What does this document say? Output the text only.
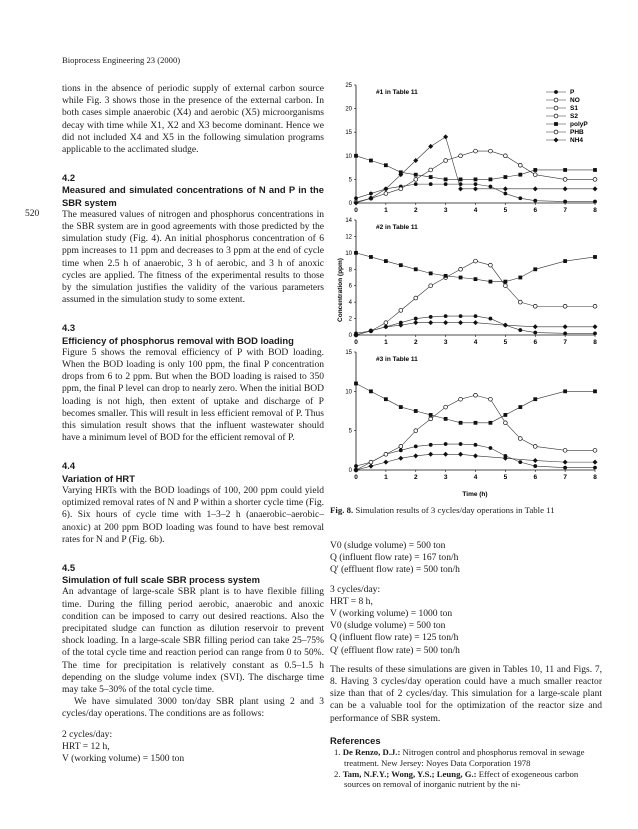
Bioprocess Engineering 23 (2000)
520

tions in the absence of periodic supply of external carbon source while Fig. 3 shows those in the presence of the external carbon. In both cases simple anaerobic (X4) and aerobic (X5) microorganisms decay with time while X1, X2 and X3 become dominant. Hence we did not included X4 and X5 in the following simulation programs applicable to the acclimated sludge.

4.2

Measured and simulated concentrations of N and P in the SBR system

The measured values of nitrogen and phosphorus concentrations in the SBR system are in good agreements with those predicted by the simulation study (Fig. 4). An initial phosphorus concentration of 6 ppm increases to 11 ppm and decreases to 3 ppm at the end of cycle time when 2.5 h of anaerobic, 3 h of aerobic, and 3 h of anoxic cycles are applied. The fitness of the experimental results to those by the simulation justifies the validity of the various parameters assumed in the simulation study to some extent.

4.3

Efficiency of phosphorus removal with BOD loading

Figure 5 shows the removal efficiency of P with BOD loading. When the BOD loading is only 100 ppm, the final P concentration drops from 6 to 2 ppm. But when the BOD loading is raised to 350 ppm, the final P level can drop to nearly zero. When the initial BOD loading is not high, then extent of uptake and discharge of P becomes smaller. This will result in less efficient removal of P. Thus this simulation result shows that the influent wastewater should have a minimum level of BOD for the efficient removal of P.

4.4

Variation of HRT

Varying HRTs with the BOD loadings of 100, 200 ppm could yield optimized removal rates of N and P within a shorter cycle time (Fig. 6). Six hours of cycle time with 1–3–2 h (anaerobic–aerobic–anoxic) at 200 ppm BOD loading was found to have best removal rates for N and P (Fig. 6b).

4.5

Simulation of full scale SBR process system

An advantage of large-scale SBR plant is to have flexible filling time. During the filling period aerobic, anaerobic and anoxic condition can be imposed to carry out desired reactions. Also the precipitated sludge can function as dilution reservoir to prevent shock loading. In a large-scale SBR filling period can take 25–75% of the total cycle time and reaction period can range from 0 to 50%. The time for precipitation is relatively constant as 0.5–1.5 h depending on the sludge volume index (SVI). The discharge time may take 5–30% of the total cycle time.

We have simulated 3000 ton/day SBR plant using 2 and 3 cycles/day operations. The conditions are as follows:

2 cycles/day:

HRT = 12 h,

V (working volume) = 1500 ton

Concentration (ppm)
Time (h)
P
NO
S1
S2
polyP
PHB
NH4
0
5
10
15
20
25
0	1	2	3	4	5	6	7	8
#1 in Table 11
0
2
4
6
8
10
12
14
0	1	2	3	4	5	6	7	8
#2 in Table 11
0
5
10
15
0	1	2	3	4	5	6	7	8
#3 in Table 11
Fig. 8. Simulation results of 3 cycles/day operations in Table 11

V0 (sludge volume) = 500 ton

Q (influent flow rate) = 167 ton/h

Q' (effluent flow rate) = 500 ton/h

3 cycles/day:

HRT = 8 h,

V (working volume) = 1000 ton

V0 (sludge volume) = 500 ton

Q (influent flow rate) = 125 ton/h

Q' (effluent flow rate) = 500 ton/h

The results of these simulations are given in Tables 10, 11 and Figs. 7, 8. Having 3 cycles/day operation could have a much smaller reactor size than that of 2 cycles/day. This simulation for a large-scale plant can be a valuable tool for the optimization of the reactor size and performance of SBR system.

References

1. De Renzo, D.J.: Nitrogen control and phosphorus removal in sewage treatment. New Jersey: Noyes Data Corporation 1978

2. Tam, N.F.Y.; Wong, Y.S.; Leung, G.: Effect of exogeneous carbon sources on removal of inorganic nutrient by the ni-
